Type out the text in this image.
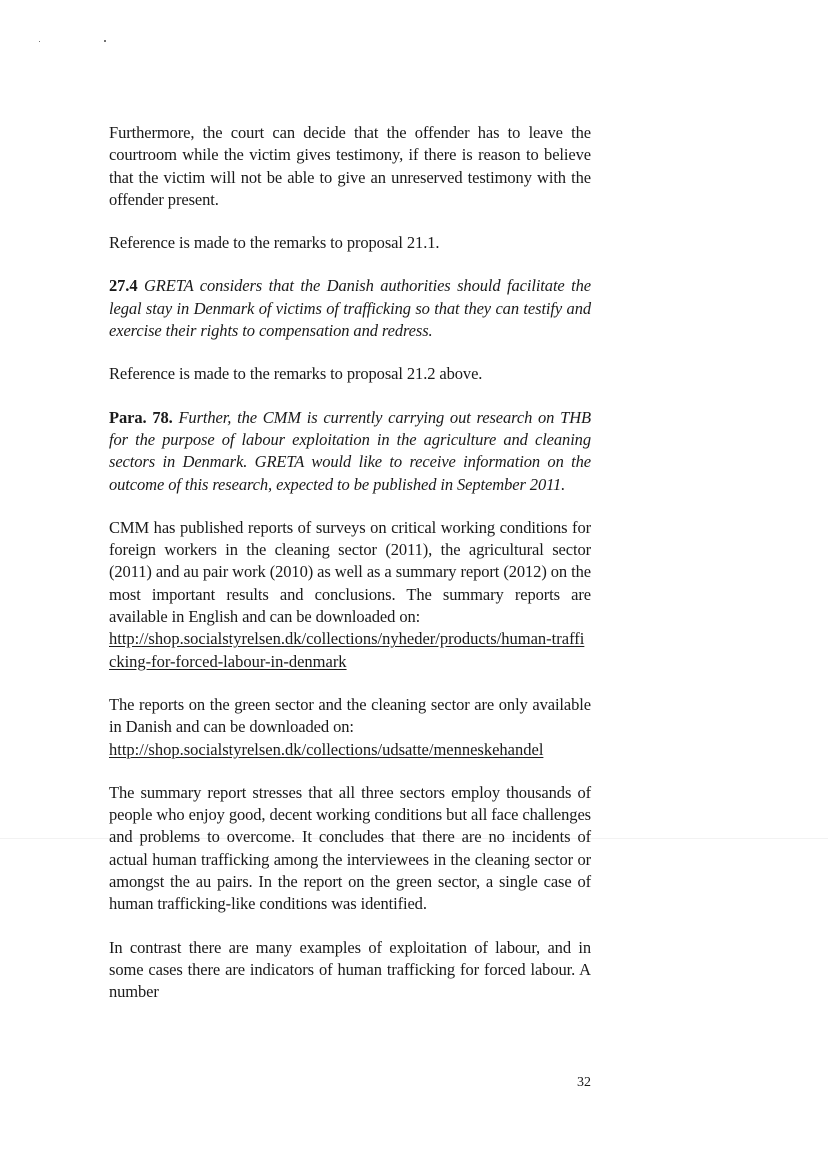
Furthermore, the court can decide that the offender has to leave the courtroom while the victim gives testimony, if there is reason to believe that the victim will not be able to give an unreserved testimony with the offender present.

Reference is made to the remarks to proposal 21.1.

27.4 GRETA considers that the Danish authorities should facilitate the legal stay in Denmark of victims of trafficking so that they can testify and exercise their rights to compensation and redress.

Reference is made to the remarks to proposal 21.2 above.

Para. 78. Further, the CMM is currently carrying out research on THB for the purpose of labour exploitation in the agriculture and cleaning sectors in Denmark. GRETA would like to receive information on the outcome of this research, expected to be published in September 2011.

CMM has published reports of surveys on critical working conditions for foreign workers in the cleaning sector (2011), the agricultural sector (2011) and au pair work (2010) as well as a summary report (2012) on the most important results and conclusions. The summary reports are available in English and can be downloaded on:

http://shop.socialstyrelsen.dk/collections/nyheder/products/human-trafficking-for-forced-labour-in-denmark

The reports on the green sector and the cleaning sector are only available in Danish and can be downloaded on:

http://shop.socialstyrelsen.dk/collections/udsatte/menneskehandel

The summary report stresses that all three sectors employ thousands of people who enjoy good, decent working conditions but all face challenges and problems to overcome. It concludes that there are no incidents of actual human trafficking among the interviewees in the cleaning sector or amongst the au pairs. In the report on the green sector, a single case of human trafficking-like conditions was identified.

In contrast there are many examples of exploitation of labour, and in some cases there are indicators of human trafficking for forced labour. A number

32
